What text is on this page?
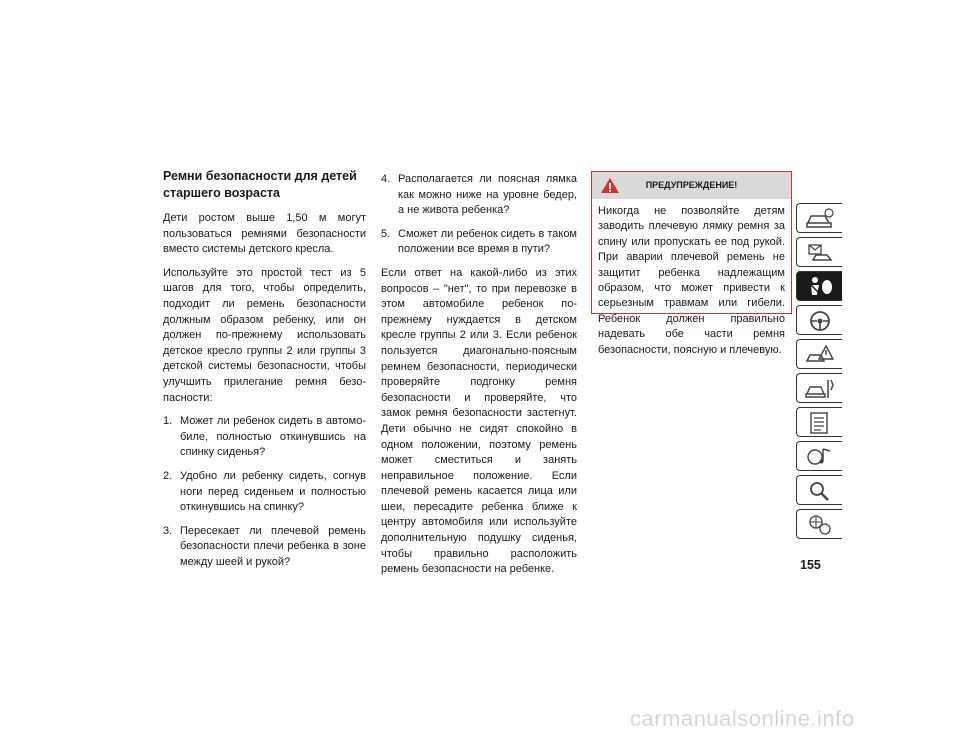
Ремни безопасности для детей старшего возраста

Дети ростом выше 1,50 м могут пользоваться ремнями безопасности вместо системы детского кресла.

Используйте это простой тест из 5 шагов для того, чтобы определить, подходит ли ремень безопасности должным образом ребенку, или он должен по-прежнему использовать детское кресло группы 2 или группы 3 детской системы безопасности, чтобы улучшить прилегание ремня безопасности:

1. Может ли ребенок сидеть в автомобиле, полностью откинувшись на спинку сиденья?
2. Удобно ли ребенку сидеть, согнув ноги перед сиденьем и полностью откинувшись на спинку?
3. Пересекает ли плечевой ремень безопасности плечи ребенка в зоне между шеей и рукой?
4. Располагается ли поясная лямка как можно ниже на уровне бедер, а не живота ребенка?
5. Сможет ли ребенок сидеть в таком положении все время в пути?

Если ответ на какой-либо из этих вопросов – "нет", то при перевозке в этом автомобиле ребенок по-прежнему нуждается в детском кресле группы 2 или 3. Если ребенок пользуется диагонально-поясным ремнем безопасности, периодически проверяйте подгонку ремня безопасности и проверяйте, что замок ремня безопасности застегнут. Дети обычно не сидят спокойно в одном положении, поэтому ремень может сместиться и занять неправильное положение. Если плечевой ремень касается лица или шеи, пересадите ребенка ближе к центру автомобиля или используйте дополнительную подушку сиденья, чтобы правильно расположить ремень безопасности на ребенке.

ПРЕДУПРЕЖДЕНИЕ!
Никогда не позволяйте детям заводить плечевую лямку ремня за спину или пропускать ее под рукой. При аварии плечевой ремень не защитит ребенка надлежащим образом, что может привести к серьезным травмам или гибели. Ребенок должен правильно надевать обе части ремня безопасности, поясную и плечевую.
155
carmanualsonline.info
